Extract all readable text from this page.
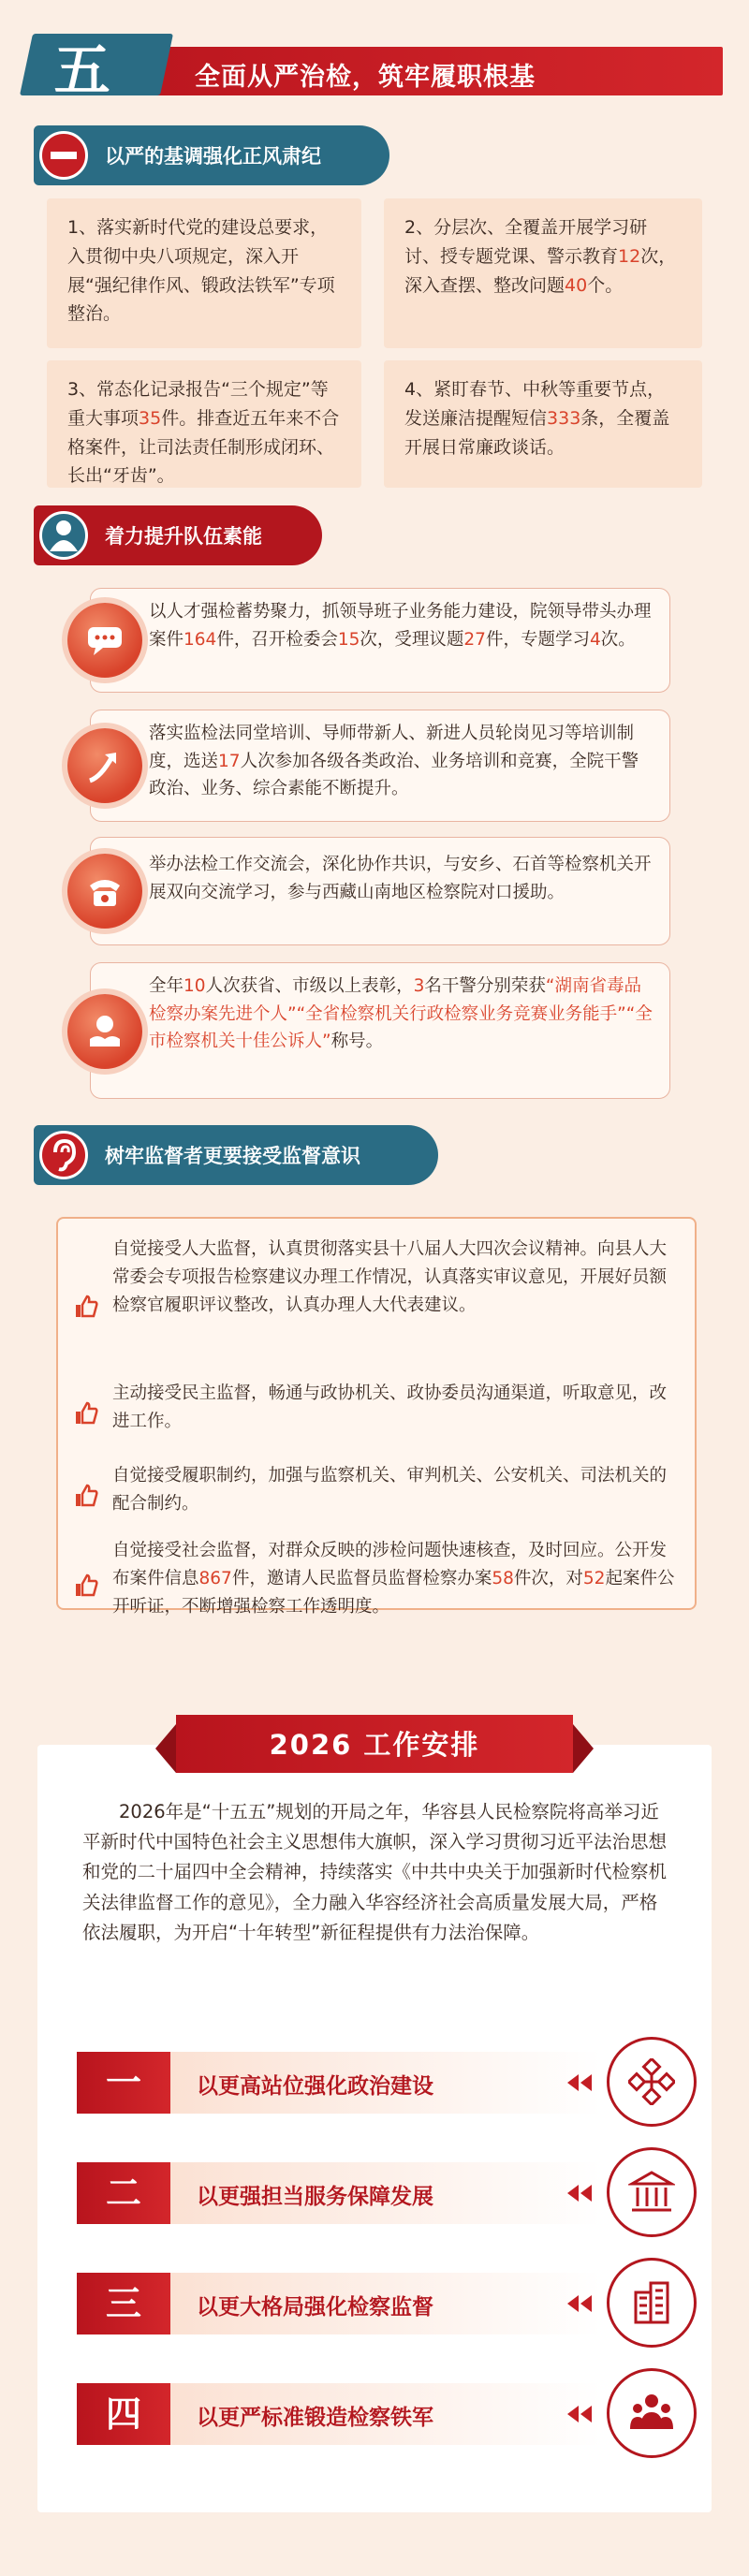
全面从严治检，筑牢履职根基
五
以严的基调强化正风肃纪
1、落实新时代党的建设总要求，入贯彻中央八项规定，深入开展“强纪律作风、锻政法铁军”专项整治。
2、分层次、全覆盖开展学习研讨、授专题党课、警示教育12次，深入查摆、整改问题40个。
3、常态化记录报告“三个规定”等重大事项35件。排查近五年来不合格案件，让司法责任制形成闭环、长出“牙齿”。
4、紧盯春节、中秋等重要节点，发送廉洁提醒短信333条，全覆盖开展日常廉政谈话。
着力提升队伍素能
以人才强检蓄势聚力，抓领导班子业务能力建设，院领导带头办理案件164件，召开检委会15次，受理议题27件，专题学习4次。
落实监检法同堂培训、导师带新人、新进人员轮岗见习等培训制度，选送17人次参加各级各类政治、业务培训和竞赛，全院干警政治、业务、综合素能不断提升。
举办法检工作交流会，深化协作共识，与安乡、石首等检察机关开展双向交流学习，参与西藏山南地区检察院对口援助。
全年10人次获省、市级以上表彰，3名干警分别荣获“湖南省毒品检察办案先进个人”“全省检察机关行政检察业务竞赛业务能手”“全市检察机关十佳公诉人”称号。
树牢监督者更要接受监督意识
自觉接受人大监督，认真贯彻落实县十八届人大四次会议精神。向县人大常委会专项报告检察建议办理工作情况，认真落实审议意见，开展好员额检察官履职评议整改，认真办理人大代表建议。
主动接受民主监督，畅通与政协机关、政协委员沟通渠道，听取意见，改进工作。
自觉接受履职制约，加强与监察机关、审判机关、公安机关、司法机关的配合制约。
自觉接受社会监督，对群众反映的涉检问题快速核查，及时回应。公开发布案件信息867件，邀请人民监督员监督检察办案58件次，对52起案件公开听证，不断增强检察工作透明度。
2026 工作安排
2026年是“十五五”规划的开局之年，华容县人民检察院将高举习近平新时代中国特色社会主义思想伟大旗帜，深入学习贯彻习近平法治思想和党的二十届四中全会精神，持续落实《中共中央关于加强新时代检察机关法律监督工作的意见》，全力融入华容经济社会高质量发展大局，严格依法履职，为开启“十年转型”新征程提供有力法治保障。
一	以更高站位强化政治建设
二	以更强担当服务保障发展
三	以更大格局强化检察监督
四	以更严标准锻造检察铁军
